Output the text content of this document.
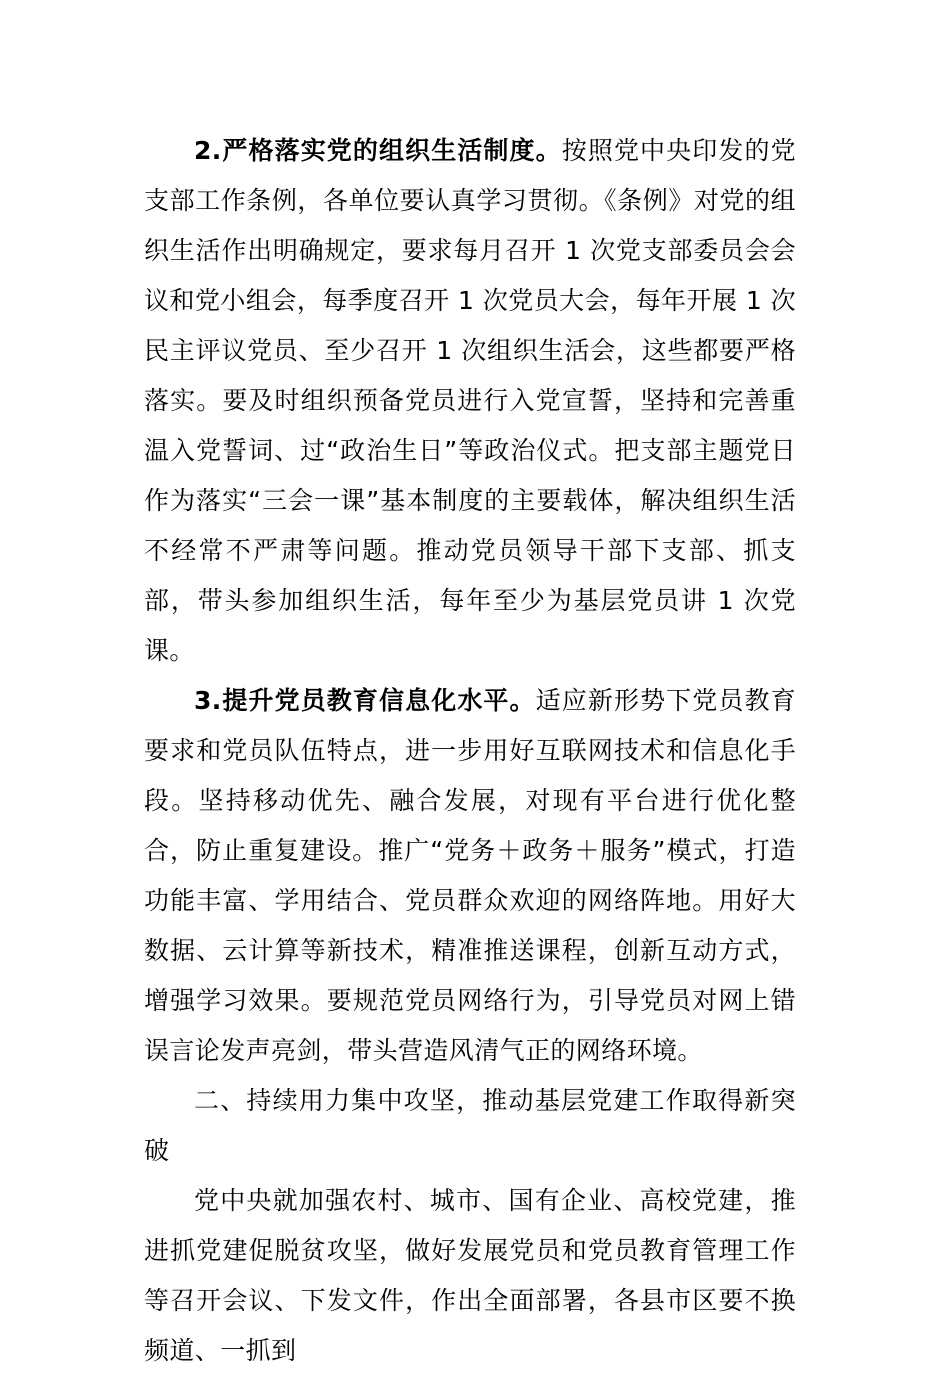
2.严格落实党的组织生活制度。按照党中央印发的党支部工作条例，各单位要认真学习贯彻。《条例》对党的组织生活作出明确规定，要求每月召开 1 次党支部委员会会议和党小组会，每季度召开 1 次党员大会，每年开展 1 次民主评议党员、至少召开 1 次组织生活会，这些都要严格落实。要及时组织预备党员进行入党宣誓，坚持和完善重温入党誓词、过“政治生日”等政治仪式。把支部主题党日作为落实“三会一课”基本制度的主要载体，解决组织生活不经常不严肃等问题。推动党员领导干部下支部、抓支部，带头参加组织生活，每年至少为基层党员讲 1 次党课。

3.提升党员教育信息化水平。适应新形势下党员教育要求和党员队伍特点，进一步用好互联网技术和信息化手段。坚持移动优先、融合发展，对现有平台进行优化整合，防止重复建设。推广“党务＋政务＋服务”模式，打造功能丰富、学用结合、党员群众欢迎的网络阵地。用好大数据、云计算等新技术，精准推送课程，创新互动方式，增强学习效果。要规范党员网络行为，引导党员对网上错误言论发声亮剑，带头营造风清气正的网络环境。

二、持续用力集中攻坚，推动基层党建工作取得新突破

党中央就加强农村、城市、国有企业、高校党建，推进抓党建促脱贫攻坚，做好发展党员和党员教育管理工作等召开会议、下发文件，作出全面部署，各县市区要不换频道、一抓到
